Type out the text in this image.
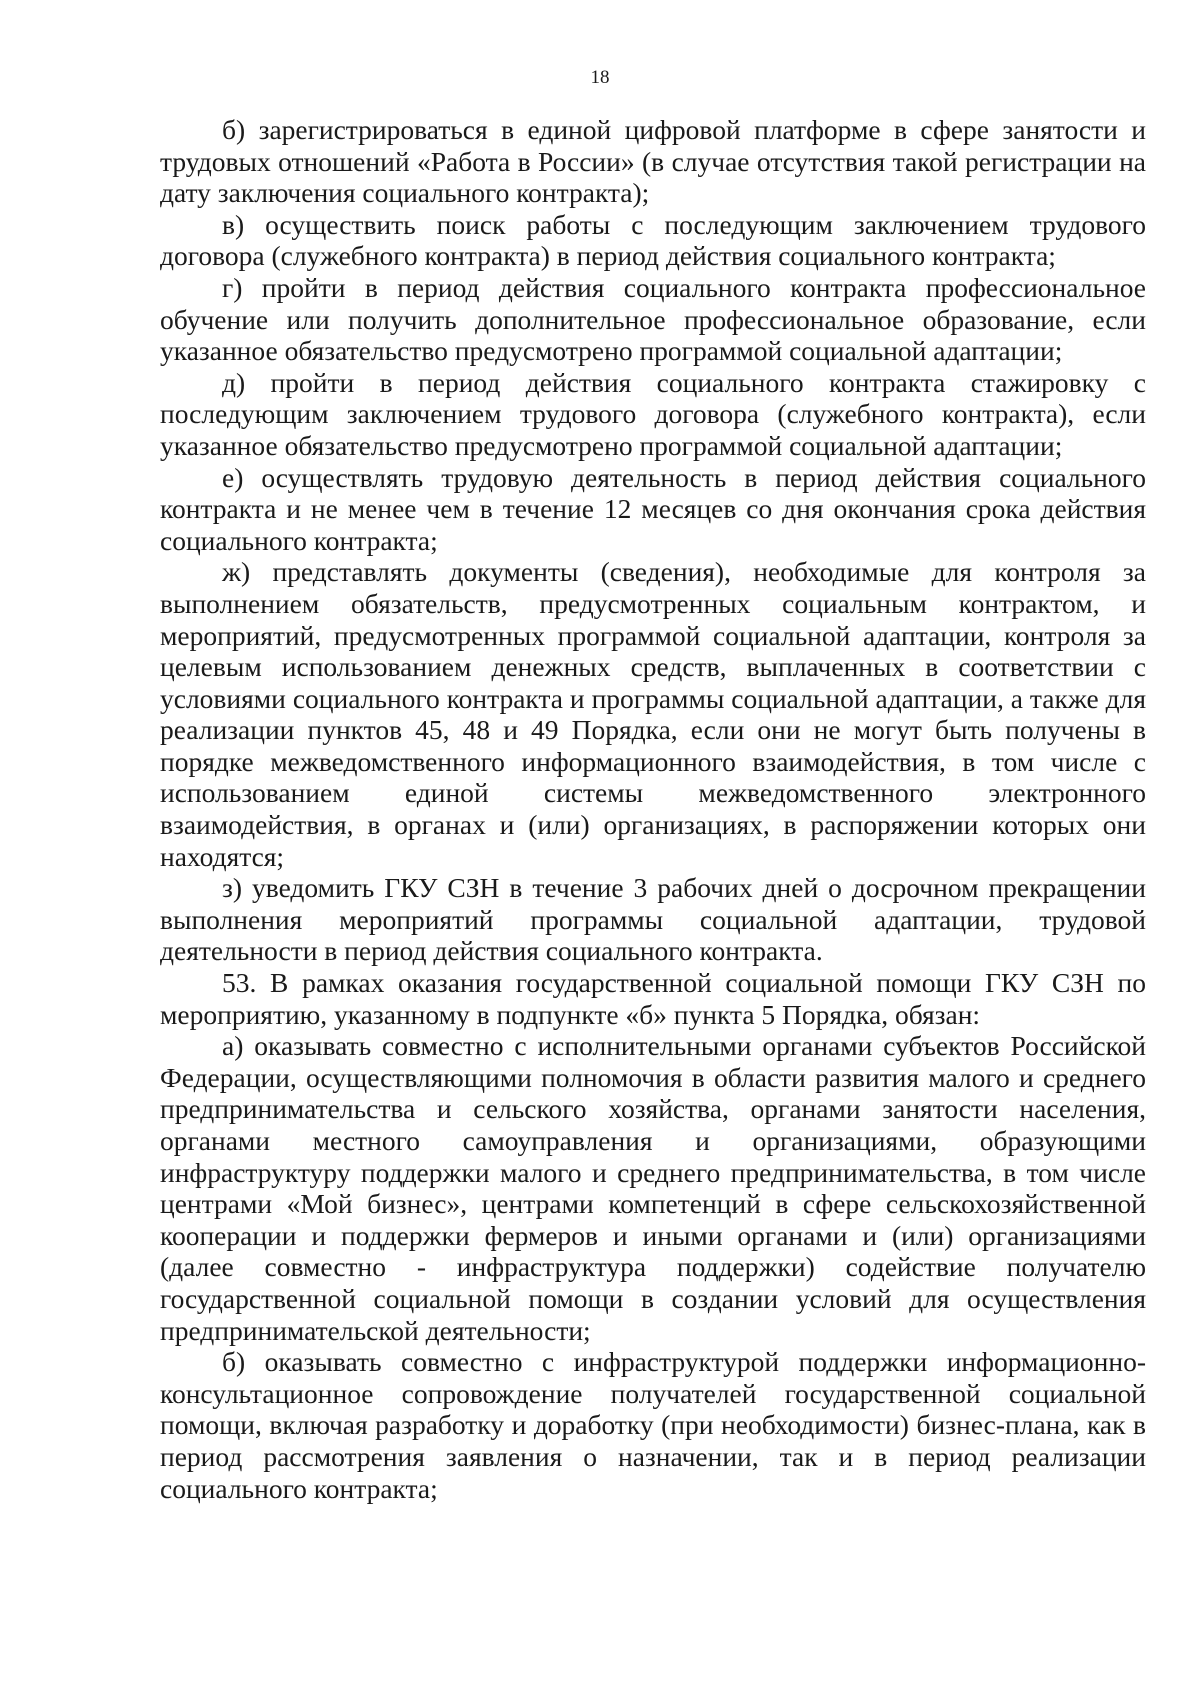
18

б) зарегистрироваться в единой цифровой платформе в сфере занятости и трудовых отношений «Работа в России» (в случае отсутствия такой регистрации на дату заключения социального контракта);

в) осуществить поиск работы с последующим заключением трудового договора (служебного контракта) в период действия социального контракта;

г) пройти в период действия социального контракта профессиональное обучение или получить дополнительное профессиональное образование, если указанное обязательство предусмотрено программой социальной адаптации;

д) пройти в период действия социального контракта стажировку с последующим заключением трудового договора (служебного контракта), если указанное обязательство предусмотрено программой социальной адаптации;

е) осуществлять трудовую деятельность в период действия социального контракта и не менее чем в течение 12 месяцев со дня окончания срока действия социального контракта;

ж) представлять документы (сведения), необходимые для контроля за выполнением обязательств, предусмотренных социальным контрактом, и мероприятий, предусмотренных программой социальной адаптации, контроля за целевым использованием денежных средств, выплаченных в соответствии с условиями социального контракта и программы социальной адаптации, а также для реализации пунктов 45, 48 и 49 Порядка, если они не могут быть получены в порядке межведомственного информационного взаимодействия, в том числе с использованием единой системы межведомственного электронного взаимодействия, в органах и (или) организациях, в распоряжении которых они находятся;

з) уведомить ГКУ СЗН в течение 3 рабочих дней о досрочном прекращении выполнения мероприятий программы социальной адаптации, трудовой деятельности в период действия социального контракта.

53. В рамках оказания государственной социальной помощи ГКУ СЗН по мероприятию, указанному в подпункте «б» пункта 5 Порядка, обязан:

а) оказывать совместно с исполнительными органами субъектов Российской Федерации, осуществляющими полномочия в области развития малого и среднего предпринимательства и сельского хозяйства, органами занятости населения, органами местного самоуправления и организациями, образующими инфраструктуру поддержки малого и среднего предпринимательства, в том числе центрами «Мой бизнес», центрами компетенций в сфере сельскохозяйственной кооперации и поддержки фермеров и иными органами и (или) организациями (далее совместно - инфраструктура поддержки) содействие получателю государственной социальной помощи в создании условий для осуществления предпринимательской деятельности;

б) оказывать совместно с инфраструктурой поддержки информационно-консультационное сопровождение получателей государственной социальной помощи, включая разработку и доработку (при необходимости) бизнес-плана, как в период рассмотрения заявления о назначении, так и в период реализации социального контракта;
